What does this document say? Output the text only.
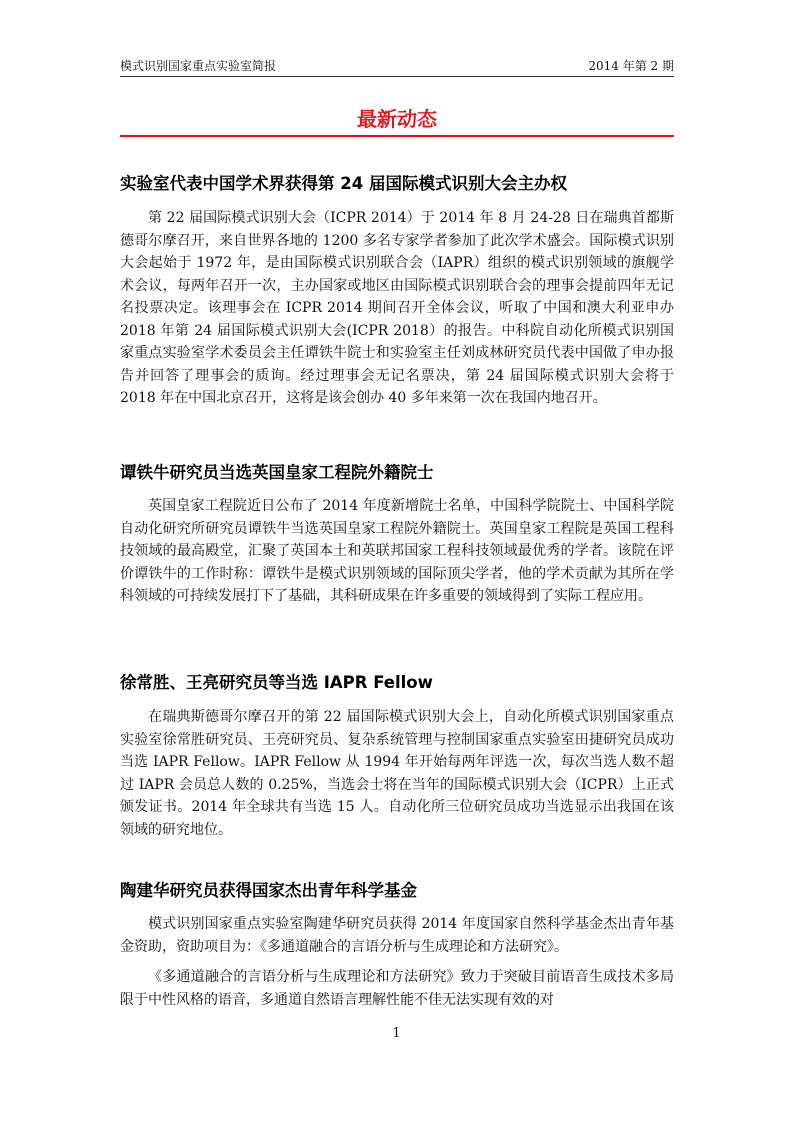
模式识别国家重点实验室简报	2014 年第 2 期
最新动态
实验室代表中国学术界获得第 24 届国际模式识别大会主办权

第 22 届国际模式识别大会（ICPR 2014）于 2014 年 8 月 24-28 日在瑞典首都斯德哥尔摩召开，来自世界各地的 1200 多名专家学者参加了此次学术盛会。国际模式识别大会起始于 1972 年，是由国际模式识别联合会（IAPR）组织的模式识别领域的旗舰学术会议，每两年召开一次，主办国家或地区由国际模式识别联合会的理事会提前四年无记名投票决定。该理事会在 ICPR 2014 期间召开全体会议，听取了中国和澳大利亚申办 2018 年第 24 届国际模式识别大会(ICPR 2018）的报告。中科院自动化所模式识别国家重点实验室学术委员会主任谭铁牛院士和实验室主任刘成林研究员代表中国做了申办报告并回答了理事会的质询。经过理事会无记名票决，第 24 届国际模式识别大会将于 2018 年在中国北京召开，这将是该会创办 40 多年来第一次在我国内地召开。

谭铁牛研究员当选英国皇家工程院外籍院士

英国皇家工程院近日公布了 2014 年度新增院士名单，中国科学院院士、中国科学院自动化研究所研究员谭铁牛当选英国皇家工程院外籍院士。英国皇家工程院是英国工程科技领域的最高殿堂，汇聚了英国本土和英联邦国家工程科技领域最优秀的学者。该院在评价谭铁牛的工作时称：谭铁牛是模式识别领域的国际顶尖学者，他的学术贡献为其所在学科领域的可持续发展打下了基础，其科研成果在许多重要的领域得到了实际工程应用。

徐常胜、王亮研究员等当选 IAPR Fellow

在瑞典斯德哥尔摩召开的第 22 届国际模式识别大会上，自动化所模式识别国家重点实验室徐常胜研究员、王亮研究员、复杂系统管理与控制国家重点实验室田捷研究员成功当选 IAPR Fellow。IAPR Fellow 从 1994 年开始每两年评选一次，每次当选人数不超过 IAPR 会员总人数的 0.25%，当选会士将在当年的国际模式识别大会（ICPR）上正式颁发证书。2014 年全球共有当选 15 人。自动化所三位研究员成功当选显示出我国在该领域的研究地位。

陶建华研究员获得国家杰出青年科学基金

模式识别国家重点实验室陶建华研究员获得 2014 年度国家自然科学基金杰出青年基金资助，资助项目为：《多通道融合的言语分析与生成理论和方法研究》。

《多通道融合的言语分析与生成理论和方法研究》致力于突破目前语音生成技术多局限于中性风格的语音，多通道自然语言理解性能不佳无法实现有效的对

1
